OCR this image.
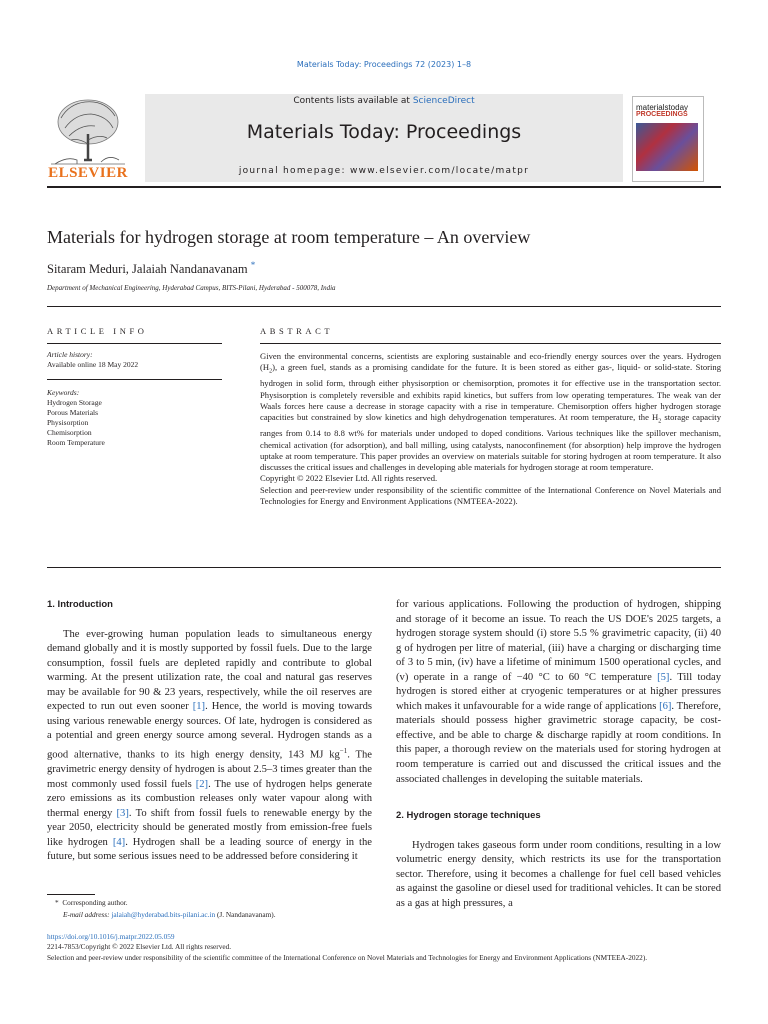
Materials Today: Proceedings 72 (2023) 1–8
Contents lists available at ScienceDirect
Materials Today: Proceedings
journal homepage: www.elsevier.com/locate/matpr
ELSEVIER
materialstoday
PROCEEDINGS
Materials for hydrogen storage at room temperature – An overview
Sitaram Meduri, Jalaiah Nandanavanam *
Department of Mechanical Engineering, Hyderabad Campus, BITS-Pilani, Hyderabad - 500078, India
ARTICLE INFO	ABSTRACT
Article history:
Available online 18 May 2022
Keywords:
Hydrogen Storage
Porous Materials
Physisorption
Chemisorption
Room Temperature
Given the environmental concerns, scientists are exploring sustainable and eco-friendly energy sources over the years. Hydrogen $(H_2)$, a green fuel, stands as a promising candidate for the future. It is been stored as either gas-, liquid- or solid-state. Storing hydrogen in solid form, through either physisorption or chemisorption, promotes it for effective use in the transportation sector. Physisorption is completely reversible and exhibits rapid kinetics, but suffers from low operating temperatures. The weak van der Waals forces here cause a decrease in storage capacity with a rise in temperature. Chemisorption offers higher hydrogen storage capacities but constrained by slow kinetics and high dehydrogenation temperatures. At room temperature, the $H_2$ storage capacity ranges from 0.14 to 8.8 wt% for materials under undoped to doped conditions. Various techniques like the spillover mechanism, chemical activation (for adsorption), and ball milling, using catalysts, nanoconfinement (for absorption) help improve the hydrogen uptake at room temperature. This paper provides an overview on materials suitable for storing hydrogen at room temperature. It also discusses the critical issues and challenges in developing able materials for hydrogen storage at room temperature.
Copyright © 2022 Elsevier Ltd. All rights reserved.
Selection and peer-review under responsibility of the scientific committee of the International Conference on Novel Materials and Technologies for Energy and Environment Applications (NMTEEA-2022).

1. Introduction

The ever-growing human population leads to simultaneous energy demand globally and it is mostly supported by fossil fuels. Due to the large consumption, fossil fuels are depleted rapidly and contribute to global warming. At the present utilization rate, the coal and natural gas reserves may be available for 90 & 23 years, respectively, while the oil reserves are expected to run out even sooner [1]. Hence, the world is moving towards using various renewable energy sources. Of late, hydrogen is considered as a potential and green energy source among several. Hydrogen stands as a good alternative, thanks to its high energy density, 143 MJ $kg^{-1}$. The gravimetric energy density of hydrogen is about 2.5–3 times greater than the most commonly used fossil fuels [2]. The use of hydrogen helps generate zero emissions as its combustion releases only water vapour along with thermal energy [3]. To shift from fossil fuels to renewable energy by the year 2050, electricity should be generated mostly from emission-free fuels like hydrogen [4]. Hydrogen shall be a leading source of energy in the future, but some serious issues need to be addressed before considering it

for various applications. Following the production of hydrogen, shipping and storage of it become an issue. To reach the US DOE's 2025 targets, a hydrogen storage system should (i) store 5.5 % gravimetric capacity, (ii) 40 g of hydrogen per litre of material, (iii) have a charging or discharging time of 3 to 5 min, (iv) have a lifetime of minimum 1500 operational cycles, and (v) operate in a range of −40 °C to 60 °C temperature [5]. Till today hydrogen is stored either at cryogenic temperatures or at higher pressures which makes it unfavourable for a wide range of applications [6]. Therefore, materials should possess higher gravimetric storage capacity, be cost-effective, and be able to charge & discharge rapidly at room conditions. In this paper, a thorough review on the materials used for storing hydrogen at room temperature is carried out and discussed the critical issues and the associated challenges in developing the suitable materials.

2. Hydrogen storage techniques

Hydrogen takes gaseous form under room conditions, resulting in a low volumetric energy density, which restricts its use for the transportation sector. Therefore, using it becomes a challenge for fuel cell based vehicles as against the gasoline or diesel used for traditional vehicles. It can be stored as a gas at high pressures, a

* Corresponding author.
E-mail address: jalaiah@hyderabad.bits-pilani.ac.in (J. Nandanavanam).
https://doi.org/10.1016/j.matpr.2022.05.059
2214-7853/Copyright © 2022 Elsevier Ltd. All rights reserved.
Selection and peer-review under responsibility of the scientific committee of the International Conference on Novel Materials and Technologies for Energy and Environment Applications (NMTEEA-2022).
